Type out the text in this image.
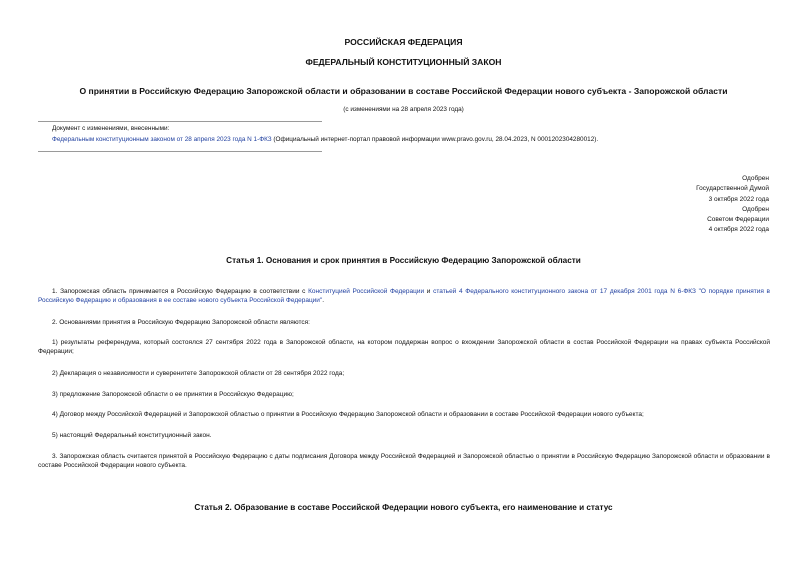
РОССИЙСКАЯ ФЕДЕРАЦИЯ
ФЕДЕРАЛЬНЫЙ КОНСТИТУЦИОННЫЙ ЗАКОН
О принятии в Российскую Федерацию Запорожской области и образовании в составе Российской Федерации нового субъекта - Запорожской области
(с изменениями на 28 апреля 2023 года)
Документ с изменениями, внесенными:
Федеральным конституционным законом от 28 апреля 2023 года N 1-ФКЗ (Официальный интернет-портал правовой информации www.pravo.gov.ru, 28.04.2023, N 0001202304280012).
Одобрен
Государственной Думой
3 октября 2022 года
Одобрен
Советом Федерации
4 октября 2022 года
Статья 1. Основания и срок принятия в Российскую Федерацию Запорожской области
1. Запорожская область принимается в Российскую Федерацию в соответствии с Конституцией Российской Федерации и статьей 4 Федерального конституционного закона от 17 декабря 2001 года N 6-ФКЗ "О порядке принятия в Российскую Федерацию и образования в ее составе нового субъекта Российской Федерации".
2. Основаниями принятия в Российскую Федерацию Запорожской области являются:
1) результаты референдума, который состоялся 27 сентября 2022 года в Запорожской области, на котором поддержан вопрос о вхождении Запорожской области в состав Российской Федерации на правах субъекта Российской Федерации;
2) Декларация о независимости и суверенитете Запорожской области от 28 сентября 2022 года;
3) предложение Запорожской области о ее принятии в Российскую Федерацию;
4) Договор между Российской Федерацией и Запорожской областью о принятии в Российскую Федерацию Запорожской области и образовании в составе Российской Федерации нового субъекта;
5) настоящий Федеральный конституционный закон.
3. Запорожская область считается принятой в Российскую Федерацию с даты подписания Договора между Российской Федерацией и Запорожской областью о принятии в Российскую Федерацию Запорожской области и образовании в составе Российской Федерации нового субъекта.
Статья 2. Образование в составе Российской Федерации нового субъекта, его наименование и статус
